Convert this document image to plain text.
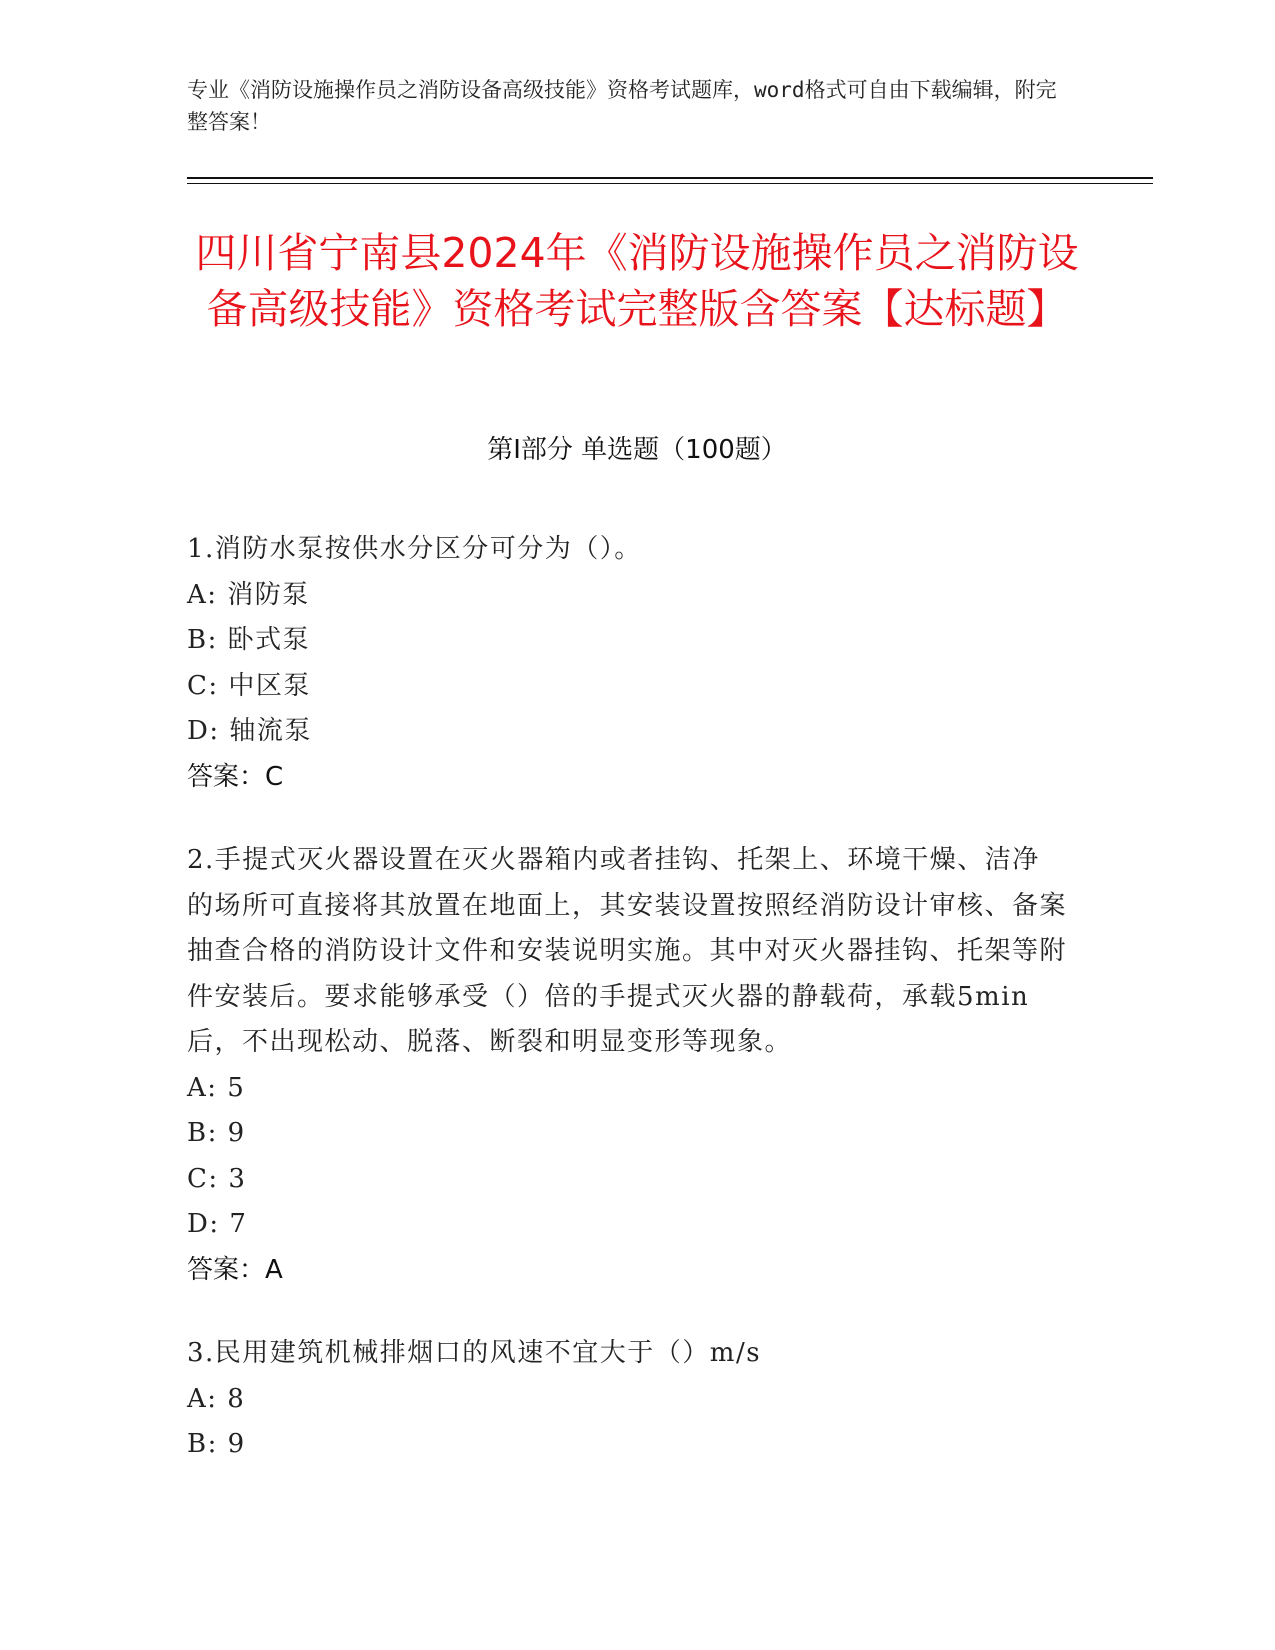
专业《消防设施操作员之消防设备高级技能》资格考试题库，word格式可自由下载编辑，附完整答案！
四川省宁南县2024年《消防设施操作员之消防设备高级技能》资格考试完整版含答案【达标题】
第I部分 单选题（100题）
1.消防水泵按供水分区分可分为（）。
A: 消防泵
B: 卧式泵
C: 中区泵
D: 轴流泵
答案：C
2.手提式灭火器设置在灭火器箱内或者挂钩、托架上、环境干燥、洁净的场所可直接将其放置在地面上，其安装设置按照经消防设计审核、备案抽查合格的消防设计文件和安装说明实施。其中对灭火器挂钩、托架等附件安装后。要求能够承受（）倍的手提式灭火器的静载荷，承载5min后，不出现松动、脱落、断裂和明显变形等现象。
A: 5
B: 9
C: 3
D: 7
答案：A
3.民用建筑机械排烟口的风速不宜大于（）m/s
A: 8
B: 9
